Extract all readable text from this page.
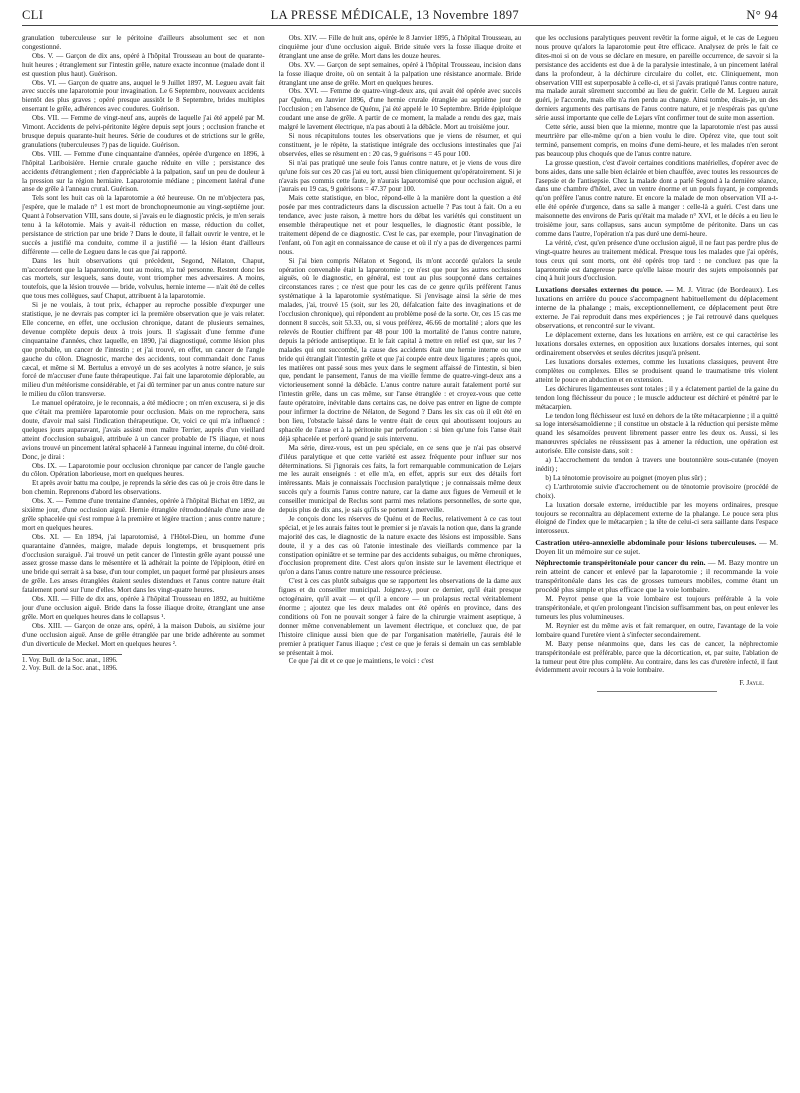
CLI	LA PRESSE MÉDICALE, 13 Novembre 1897	N° 94

granulation tuberculeuse sur le péritoine d'ailleurs absolument sec et non congestionné.

Obs. V. — Garçon de dix ans, opéré à l'hôpital Trousseau au bout de quarante-huit heures ; étranglement sur l'intestin grêle, nature exacte inconnue (malade dont il est question plus haut). Guérison.

Obs. VI. — Garçon de quatre ans, auquel le 9 Juillet 1897, M. Legueu avait fait avec succès une laparotomie pour invagination. Le 6 Septembre, nouveaux accidents bientôt des plus graves ; opéré presque aussitôt le 8 Septembre, brides multiples enserrant le grêle, adhérences avec coudures. Guérison.

Obs. VII. — Femme de vingt-neuf ans, auprès de laquelle j'ai été appelé par M. Vimont. Accidents de pelvi-péritonite légère depuis sept jours ; occlusion franche et brusque depuis quarante-huit heures. Série de coudures et de strictions sur le grêle, granulations (tuberculeuses ?) pas de liquide. Guérison.

Obs. VIII. — Femme d'une cinquantaine d'années, opérée d'urgence en 1896, à l'hôpital Lariboisière. Hernie crurale gauche réduite en ville ; persistance des accidents d'étranglement ; rien d'appréciable à la palpation, sauf un peu de douleur à la pression sur la région herniaire. Laparotomie médiane ; pincement latéral d'une anse de grêle à l'anneau crural. Guérison.

Tels sont les huit cas où la laparotomie a été heureuse. On ne m'objectera pas, j'espère, que le malade n° 1 est mort de bronchopneumonie au vingt-septième jour. Quant à l'observation VIII, sans doute, si j'avais eu le diagnostic précis, je m'en serais tenu à la kélotomie. Mais y avait-il réduction en masse, réduction du collet, persistance de striction par une bride ? Dans le doute, il fallait ouvrir le ventre, et le succès a justifié ma conduite, comme il a justifié — la lésion étant d'ailleurs différente — celle de Legueu dans le cas que j'ai rapporté.

Dans les huit observations qui précèdent, Segond, Nélaton, Chaput, m'accorderont que la laparotomie, tout au moins, n'a tué personne. Restent donc les cas mortels, sur lesquels, sans doute, vont triompher mes adversaires. A moins, toutefois, que la lésion trouvée — bride, volvulus, hernie interne — n'ait été de celles que tous mes collègues, sauf Chaput, attribuent à la laparotomie.

Si je ne voulais, à tout prix, échapper au reproche possible d'expurger une statistique, je ne devrais pas compter ici la première observation que je vais relater. Elle concerne, en effet, une occlusion chronique, datant de plusieurs semaines, devenue complète depuis deux à trois jours. Il s'agissait d'une femme d'une cinquantaine d'années, chez laquelle, en 1890, j'ai diagnostiqué, comme lésion plus que probable, un cancer de l'intestin ; et j'ai trouvé, en effet, un cancer de l'angle gauche du côlon. Diagnostic, marche des accidents, tout commandait donc l'anus cæcal, et même si M. Bertulus a envoyé un de ses acolytes à notre séance, je suis forcé de m'accuser d'une faute thérapeutique. J'ai fait une laparotomie déplorable, au milieu d'un météorisme considérable, et j'ai dû terminer par un anus contre nature sur le milieu du côlon transverse.

Le manuel opératoire, je le reconnais, a été médiocre ; on m'en excusera, si je dis que c'était ma première laparotomie pour occlusion. Mais on me reprochera, sans doute, d'avoir mal saisi l'indication thérapeutique. Or, voici ce qui m'a influencé : quelques jours auparavant, j'avais assisté mon maître Terrier, auprès d'un vieillard atteint d'occlusion subaiguë, attribuée à un cancer probable de l'S iliaque, et nous avions trouvé un pincement latéral sphacelé à l'anneau inguinal interne, du côté droit. Donc, je dirai :

Obs. IX. — Laparotomie pour occlusion chronique par cancer de l'angle gauche du côlon. Opération laborieuse, mort en quelques heures.

Et après avoir battu ma coulpe, je reprends la série des cas où je crois être dans le bon chemin. Reprenons d'abord les observations.

Obs. X. — Femme d'une trentaine d'années, opérée à l'hôpital Bichat en 1892, au sixième jour, d'une occlusion aiguë. Hernie étranglée rétroduodénale d'une anse de grêle sphacelée qui s'est rompue à la première et légère traction ; anus contre nature ; mort en quelques heures.

Obs. XI. — En 1894, j'ai laparotomisé, à l'Hôtel-Dieu, un homme d'une quarantaine d'années, maigre, malade depuis longtemps, et brusquement pris d'occlusion suraiguë. J'ai trouvé un petit cancer de l'intestin grêle ayant poussé une assez grosse masse dans le mésentère et là adhérait la pointe de l'épiploon, étiré en une bride qui serrait à sa base, d'un tour complet, un paquet formé par plusieurs anses de grêle. Les anses étranglées étaient seules distendues et l'anus contre nature était fatalement porté sur l'une d'elles. Mort dans les vingt-quatre heures.

Obs. XII. — Fille de dix ans, opérée à l'hôpital Trousseau en 1892, au huitième jour d'une occlusion aiguë. Bride dans la fosse iliaque droite, étranglant une anse grêle. Mort en quelques heures dans le collapsus ¹.

Obs. XIII. — Garçon de onze ans, opéré, à la maison Dubois, au sixième jour d'une occlusion aiguë. Anse de grêle étranglée par une bride adhérente au sommet d'un diverticule de Meckel. Mort en quelques heures ².

1. Voy. Bull. de la Soc. anat., 1896.

2. Voy. Bull. de la Soc. anat., 1896.

Obs. XIV. — Fille de huit ans, opérée le 8 Janvier 1895, à l'hôpital Trousseau, au cinquième jour d'une occlusion aiguë. Bride située vers la fosse iliaque droite et étranglant une anse de grêle. Mort dans les douze heures.

Obs. XV. — Garçon de sept semaines, opéré à l'hôpital Trousseau, incision dans la fosse iliaque droite, où on sentait à la palpation une résistance anormale. Bride étranglant une anse de grêle. Mort en quelques heures.

Obs. XVI. — Femme de quatre-vingt-deux ans, qui avait été opérée avec succès par Quénu, en Janvier 1896, d'une hernie crurale étranglée au septième jour de l'occlusion ; en l'absence de Quénu, j'ai été appelé le 10 Septembre. Bride épiploïque coudant une anse de grêle. A partir de ce moment, la malade a rendu des gaz, mais malgré le lavement électrique, n'a pas abouti à la débâcle. Mort au troisième jour.

Si nous récapitulons toutes les observations que je viens de résumer, et qui constituent, je le répète, la statistique intégrale des occlusions intestinales que j'ai observées, elles se résument en : 20 cas, 9 guérisons = 45 pour 100.

Si n'ai pas pratiqué une seule fois l'anus contre nature, et je viens de vous dire qu'une fois sur ces 20 cas j'ai eu tort, aussi bien cliniquement qu'opératoirement. Si je n'avais pas commis cette faute, je n'aurais laparotomisé que pour occlusion aiguë, et j'aurais eu 19 cas, 9 guérisons = 47.37 pour 100.

Mais cette statistique, en bloc, répond-elle à la manière dont la question a été posée par mes contradicteurs dans la discussion actuelle ? Pas tout à fait. On a eu tendance, avec juste raison, à mettre hors du débat les variétés qui constituent un ensemble thérapeutique net et pour lesquelles, le diagnostic étant possible, le traitement dépend de ce diagnostic. C'est le cas, par exemple, pour l'invagination de l'enfant, où l'on agit en connaissance de cause et où il n'y a pas de divergences parmi nous.

Si j'ai bien compris Nélaton et Segond, ils m'ont accordé qu'alors la seule opération convenable était la laparotomie ; ce n'est que pour les autres occlusions aiguës, où le diagnostic, en général, est tout au plus soupçonné dans certaines circonstances rares ; ce n'est que pour les cas de ce genre qu'ils préfèrent l'anus systématique à la laparotomie systématique. Si j'envisage ainsi la série de mes malades, j'ai, trouvé 15 (soit, sur les 20, défalcation faite des invaginations et de l'occlusion chronique), qui répondent au problème posé de la sorte. Or, ces 15 cas me donnent 8 succès, soit 53.33, ou, si vous préférez, 46.66 de mortalité ; alors que les relevés de Routier chiffrent par 48 pour 100 la mortalité de l'anus contre nature, depuis la période antiseptique. Et le fait capital à mettre en relief est que, sur les 7 malades qui ont succombé, la cause des accidents était une hernie interne ou une bride qui étranglait l'intestin grêle et que j'ai coupée entre deux ligatures ; après quoi, les matières ont passé sous mes yeux dans le segment affaissé de l'intestin, si bien que, pendant le pansement, l'anus de ma vieille femme de quatre-vingt-deux ans a victorieusement sonné la débâcle. L'anus contre nature aurait fatalement porté sur l'intestin grêle, dans un cas même, sur l'anse étranglée : et croyez-vous que cette faute opératoire, inévitable dans certains cas, ne doive pas entrer en ligne de compte pour infirmer la doctrine de Nélaton, de Segond ? Dans les six cas où il eût été en bon lieu, l'obstacle laissé dans le ventre était de ceux qui aboutissent toujours au sphacèle de l'anse et à la péritonite par perforation : si bien qu'une fois l'anse était déjà sphacelée et perforé quand je suis intervenu.

Ma série, direz-vous, est un peu spéciale, en ce sens que je n'ai pas observé d'iléus paralytique et que cette variété est assez fréquente pour influer sur nos déterminations. Si j'ignorais ces faits, la fort remarquable communication de Lejars me les aurait enseignés : et elle m'a, en effet, appris sur eux des détails fort intéressants. Mais je connaissais l'occlusion paralytique ; je connaissais même deux succès qu'y a fournis l'anus contre nature, car la dame aux figues de Verneuil et le conseiller municipal de Reclus sont parmi mes relations personnelles, de sorte que, depuis plus de dix ans, je sais qu'ils se portent à merveille.

Je conçois donc les réserves de Quénu et de Reclus, relativement à ce cas tout spécial, et je les aurais faites tout le premier si je n'avais la notion que, dans la grande majorité des cas, le diagnostic de la nature exacte des lésions est impossible. Sans doute, il y a des cas où l'atonie intestinale des vieillards commence par la constipation opiniâtre et se termine par des accidents subaigus, ou même chroniques, d'occlusion proprement dite. C'est alors qu'on insiste sur le lavement électrique et qu'on a dans l'anus contre nature une ressource précieuse.

C'est à ces cas plutôt subaigus que se rapportent les observations de la dame aux figues et du conseiller municipal. Joignez-y, pour ce dernier, qu'il était presque octogénaire, qu'il avait — et qu'il a encore — un prolapsus rectal véritablement énorme ; ajoutez que les deux malades ont été opérés en province, dans des conditions où l'on ne pouvait songer à faire de la chirurgie vraiment aseptique, à donner même convenablement un lavement électrique, et concluez que, de par l'histoire clinique aussi bien que de par l'organisation matérielle, j'aurais été le premier à pratiquer l'anus iliaque ; c'est ce que je ferais si demain un cas semblable se présentait à moi.

Ce que j'ai dit et ce que je maintiens, le voici : c'est

que les occlusions paralytiques peuvent revêtir la forme aiguë, et le cas de Legueu nous prouve qu'alors la laparotomie peut être efficace. Analysez de près le fait ce dites-moi si on de vous se déclare en mesure, en pareille occurrence, de savoir si la persistance des accidents est due à de la paralysie intestinale, à un pincement latéral dans la profondeur, à la déchirure circulaire du collet, etc. Cliniquement, mon observation VIII est superposable à celle-ci, et si j'avais pratiqué l'anus contre nature, ma malade aurait sûrement succombé au lieu de guérir. Celle de M. Legueu aurait guéri, je l'accorde, mais elle n'a rien perdu au change. Ainsi tombe, disais-je, un des derniers arguments des partisans de l'anus contre nature, et je n'espérais pas qu'une série aussi importante que celle de Lejars vînt confirmer tout de suite mon assertion.

Cette série, aussi bien que la mienne, montre que la laparotomie n'est pas aussi meurtrière par elle-même qu'on a bien voulu le dire. Opérez vite, que tout soit terminé, pansement compris, en moins d'une demi-heure, et les malades n'en seront pas beaucoup plus choqués que de l'anus contre nature.

La grosse question, c'est d'avoir certaines conditions matérielles, d'opérer avec de bons aides, dans une salle bien éclairée et bien chauffée, avec toutes les ressources de l'asepsie et de l'antisepsie. Chez la malade dont a parlé Segond à la dernière séance, dans une chambre d'hôtel, avec un ventre énorme et un pouls fuyant, je comprends qu'on préfère l'anus contre nature. Et encore la malade de mon observation VII a-t-elle été opérée d'urgence, dans sa salle à manger : celle-là a guéri. C'est dans une maisonnette des environs de Paris qu'était ma malade n° XVI, et le décès a eu lieu le troisième jour, sans collapsus, sans aucun symptôme de péritonite. Dans un cas comme dans l'autre, l'opération n'a pas duré une demi-heure.

La vérité, c'est, qu'en présence d'une occlusion aiguë, il ne faut pas perdre plus de vingt-quatre heures au traitement médical. Presque tous les malades que j'ai opérés, tous ceux qui sont morts, ont été opérés trop tard : ne concluez pas que la laparotomie est dangereuse parce qu'elle laisse mourir des sujets empoisonnés par cinq à huit jours d'occlusion.

Luxations dorsales externes du pouce. — M. J. Vitrac (de Bordeaux). Les luxations en arrière du pouce s'accompagnent habituellement du déplacement interne de la phalange ; mais, exceptionnellement, ce déplacement peut être externe. Je l'ai reproduit dans mes expériences ; je l'ai retrouvé dans quelques observations, et rencontré sur le vivant.

Le déplacement externe, dans les luxations en arrière, est ce qui caractérise les luxations dorsales externes, en opposition aux luxations dorsales internes, qui sont ordinairement observées et seules décrites jusqu'à présent.

Les luxations dorsales externes, comme les luxations classiques, peuvent être complètes ou complexes. Elles se produisent quand le traumatisme très violent atteint le pouce en abduction et en extension.

Les déchirures ligamenteuses sont totales ; il y a éclatement partiel de la gaine du tendon long fléchisseur du pouce ; le muscle adducteur est déchiré et pénétré par le métacarpien.

Le tendon long fléchisseur est luxé en dehors de la tête métacarpienne ; il a quitté sa loge intersésamoïdienne ; il constitue un obstacle à la réduction qui persiste même quand les sésamoïdes peuvent librement passer entre les deux os. Aussi, si les manœuvres spéciales ne réussissent pas à amener la réduction, une opération est autorisée. Elle consiste dans, soit :

a) L'accrochement du tendon à travers une boutonnière sous-cutanée (moyen inédit) ;

b) La ténotomie provisoire au poignet (moyen plus sûr) ;

c) L'arthrotomie suivie d'accrochement ou de ténotomie provisoire (procédé de choix).

La luxation dorsale externe, irréductible par les moyens ordinaires, presque toujours se reconnaîtra au déplacement externe de la phalange. Le pouce sera plus éloigné de l'index que le métacarpien ; la tête de celui-ci sera saillante dans l'espace interosseux.

Castration utéro-annexielle abdominale pour lésions tuberculeuses. — M. Doyen lit un mémoire sur ce sujet.
Néphrectomie transpéritonéale pour cancer du rein. — M. Bazy montre un rein atteint de cancer et enlevé par la laparotomie ; il recommande la voie transpéritonéale dans les cas de grosses tumeurs mobiles, comme étant un procédé plus simple et plus efficace que la voie lombaire.

M. Peyrot pense que la voie lombaire est toujours préférable à la voie transpéritonéale, et qu'en prolongeant l'incision suffisamment bas, on peut enlever les tumeurs les plus volumineuses.

M. Reynier est du même avis et fait remarquer, en outre, l'avantage de la voie lombaire quand l'uretère vient à s'infecter secondairement.

M. Bazy pense néanmoins que, dans les cas de cancer, la néphrectomie transpéritonéale est préférable, parce que la décortication, et, par suite, l'ablation de la tumeur peut être plus complète. Au contraire, dans les cas d'uretère infecté, il faut évidemment avoir recours à la voie lombaire.

F. Jayle.
